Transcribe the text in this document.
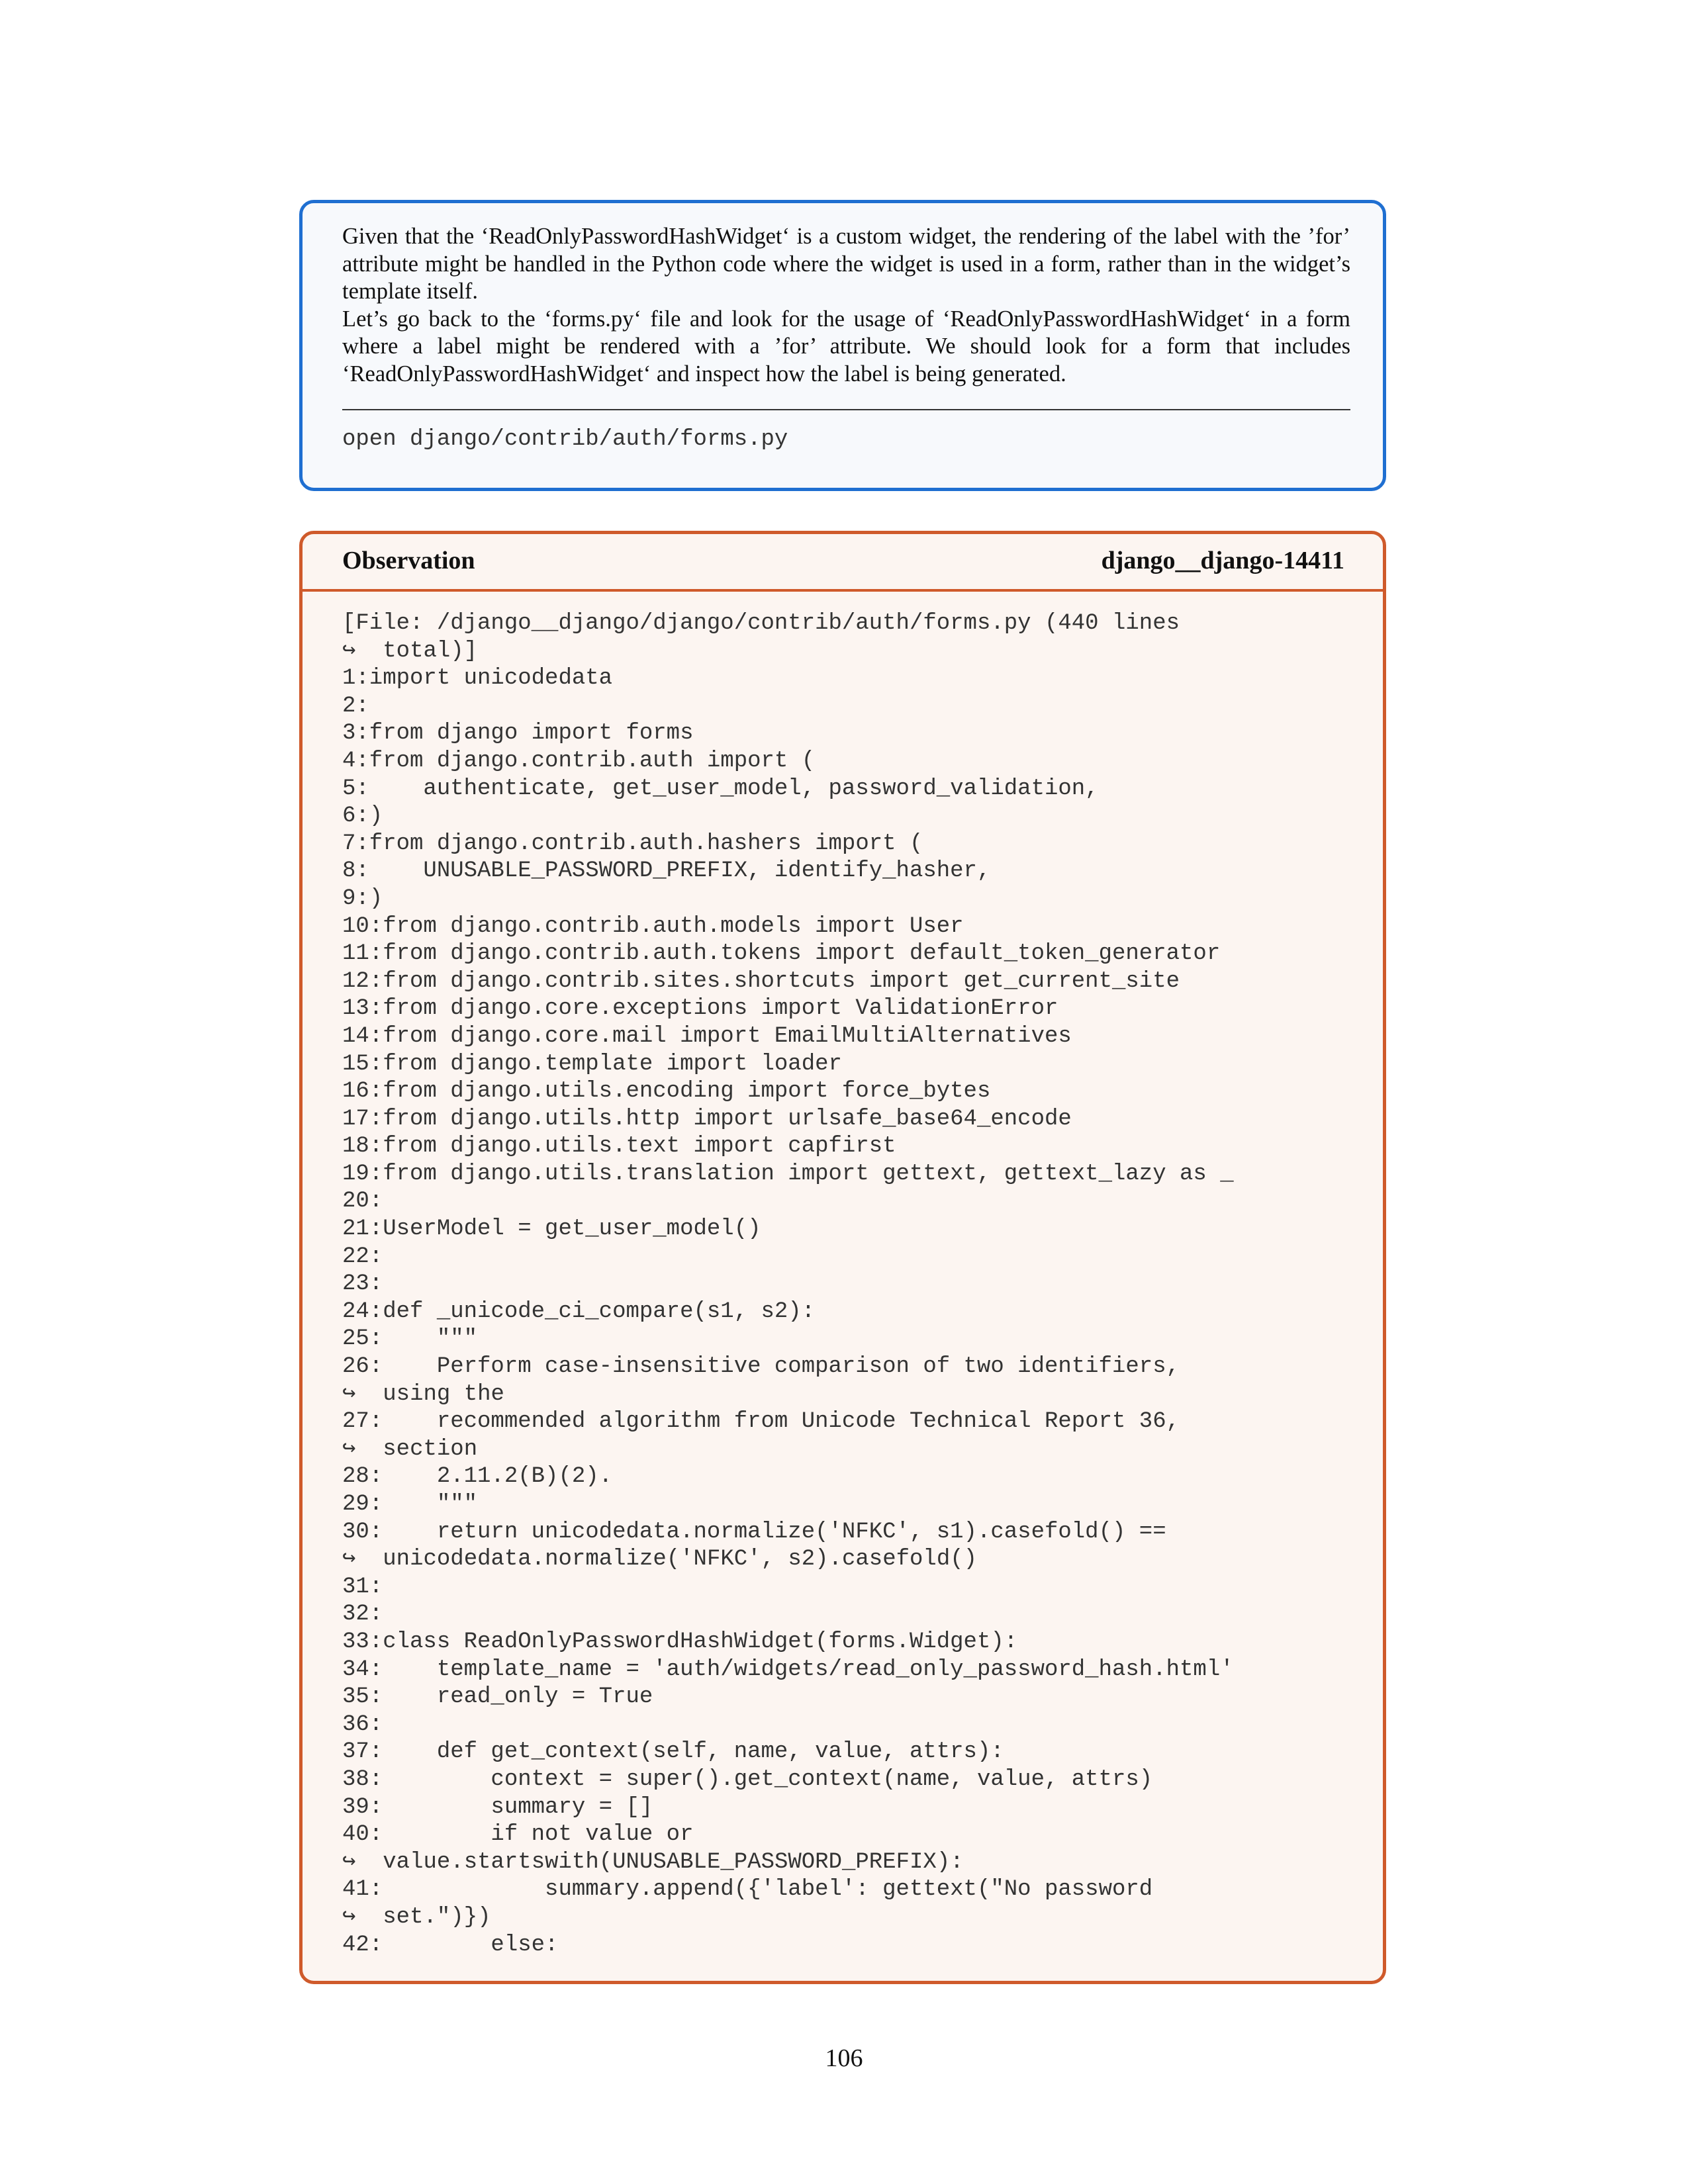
Given that the ‘ReadOnlyPasswordHashWidget‘ is a custom widget, the rendering of the label with the ’for’ attribute might be handled in the Python code where the widget is used in a form, rather than in the widget’s template itself.

Let’s go back to the ‘forms.py‘ file and look for the usage of ‘ReadOnlyPasswordHashWidget‘ in a form where a label might be rendered with a ’for’ attribute. We should look for a form that includes ‘ReadOnlyPasswordHashWidget‘ and inspect how the label is being generated.

open django/contrib/auth/forms.py
Observation	django__django-14411
[File: /django__django/django/contrib/auth/forms.py (440 lines
↪  total)]
1:import unicodedata
2:
3:from django import forms
4:from django.contrib.auth import (
5:    authenticate, get_user_model, password_validation,
6:)
7:from django.contrib.auth.hashers import (
8:    UNUSABLE_PASSWORD_PREFIX, identify_hasher,
9:)
10:from django.contrib.auth.models import User
11:from django.contrib.auth.tokens import default_token_generator
12:from django.contrib.sites.shortcuts import get_current_site
13:from django.core.exceptions import ValidationError
14:from django.core.mail import EmailMultiAlternatives
15:from django.template import loader
16:from django.utils.encoding import force_bytes
17:from django.utils.http import urlsafe_base64_encode
18:from django.utils.text import capfirst
19:from django.utils.translation import gettext, gettext_lazy as _
20:
21:UserModel = get_user_model()
22:
23:
24:def _unicode_ci_compare(s1, s2):
25:    """
26:    Perform case-insensitive comparison of two identifiers,
↪  using the
27:    recommended algorithm from Unicode Technical Report 36,
↪  section
28:    2.11.2(B)(2).
29:    """
30:    return unicodedata.normalize('NFKC', s1).casefold() ==
↪  unicodedata.normalize('NFKC', s2).casefold()
31:
32:
33:class ReadOnlyPasswordHashWidget(forms.Widget):
34:    template_name = 'auth/widgets/read_only_password_hash.html'
35:    read_only = True
36:
37:    def get_context(self, name, value, attrs):
38:        context = super().get_context(name, value, attrs)
39:        summary = []
40:        if not value or
↪  value.startswith(UNUSABLE_PASSWORD_PREFIX):
41:            summary.append({'label': gettext("No password
↪  set.")})
42:        else:
106
